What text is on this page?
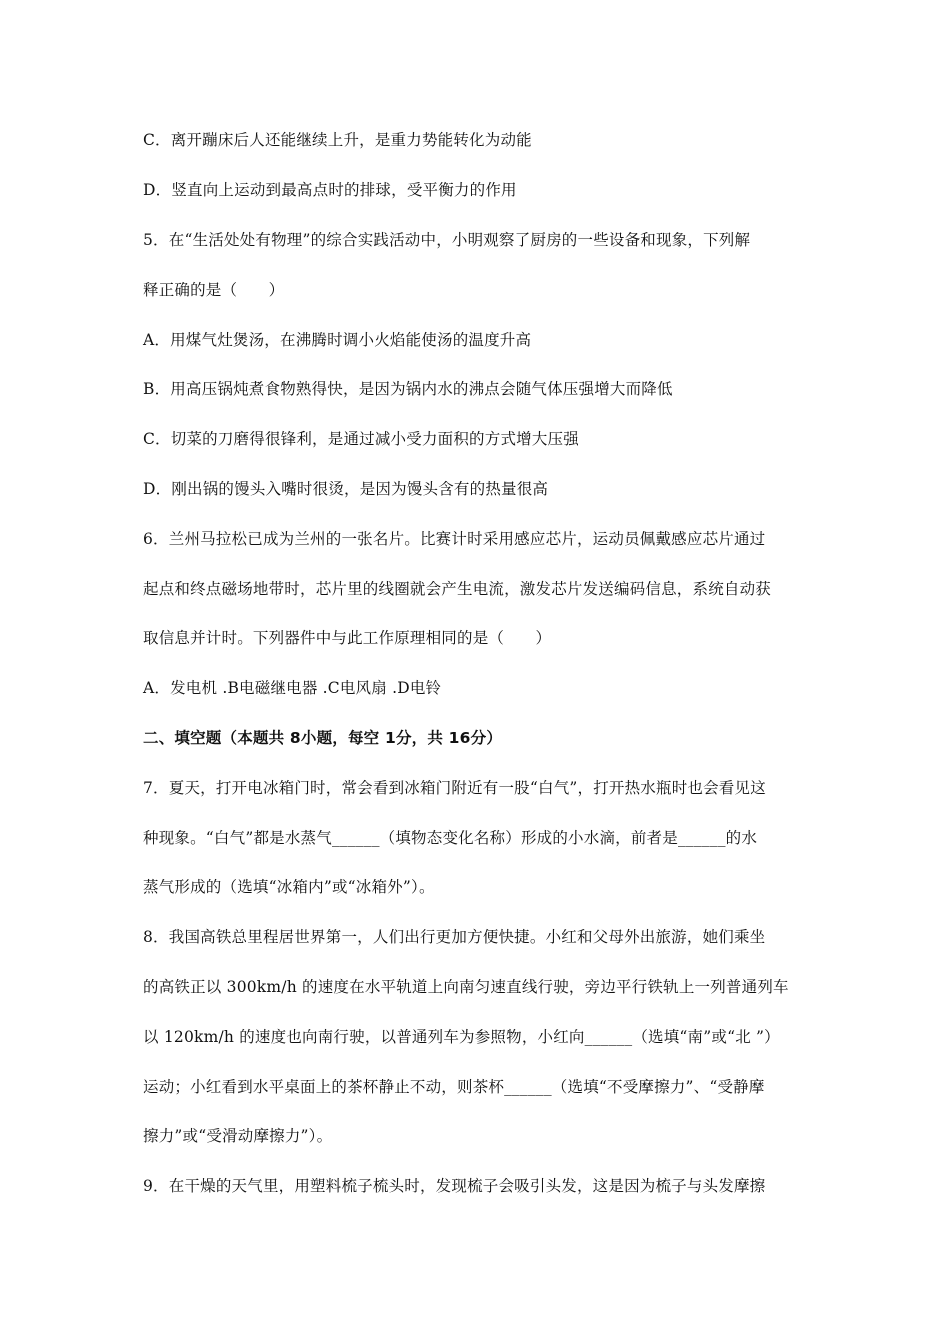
C．离开蹦床后人还能继续上升，是重力势能转化为动能
D．竖直向上运动到最高点时的排球，受平衡力的作用
5．在“生活处处有物理”的综合实践活动中，小明观察了厨房的一些设备和现象，下列解
释正确的是（　　）
A．用煤气灶煲汤，在沸腾时调小火焰能使汤的温度升高
B．用高压锅炖煮食物熟得快，是因为锅内水的沸点会随气体压强增大而降低
C．切菜的刀磨得很锋利，是通过减小受力面积的方式增大压强
D．刚出锅的馒头入嘴时很烫，是因为馒头含有的热量很高
6．兰州马拉松已成为兰州的一张名片。比赛计时采用感应芯片，运动员佩戴感应芯片通过
起点和终点磁场地带时，芯片里的线圈就会产生电流，激发芯片发送编码信息，系统自动获
取信息并计时。下列器件中与此工作原理相同的是（　　）
A．发电机 .B电磁继电器 .C电风扇 .D电铃
二、填空题（本题共 8小题，每空 1分，共 16分）
7．夏天，打开电冰箱门时，常会看到冰箱门附近有一股“白气”，打开热水瓶时也会看见这
种现象。“白气”都是水蒸气______（填物态变化名称）形成的小水滴，前者是______的水
蒸气形成的（选填“冰箱内”或“冰箱外”）。
8．我国高铁总里程居世界第一，人们出行更加方便快捷。小红和父母外出旅游，她们乘坐
的高铁正以 300km/h 的速度在水平轨道上向南匀速直线行驶，旁边平行铁轨上一列普通列车
以 120km/h 的速度也向南行驶，以普通列车为参照物，小红向______（选填“南”或“北 ”）
运动；小红看到水平桌面上的茶杯静止不动，则茶杯______（选填“不受摩擦力”、“受静摩
擦力”或“受滑动摩擦力”）。
9．在干燥的天气里，用塑料梳子梳头时，发现梳子会吸引头发，这是因为梳子与头发摩擦
